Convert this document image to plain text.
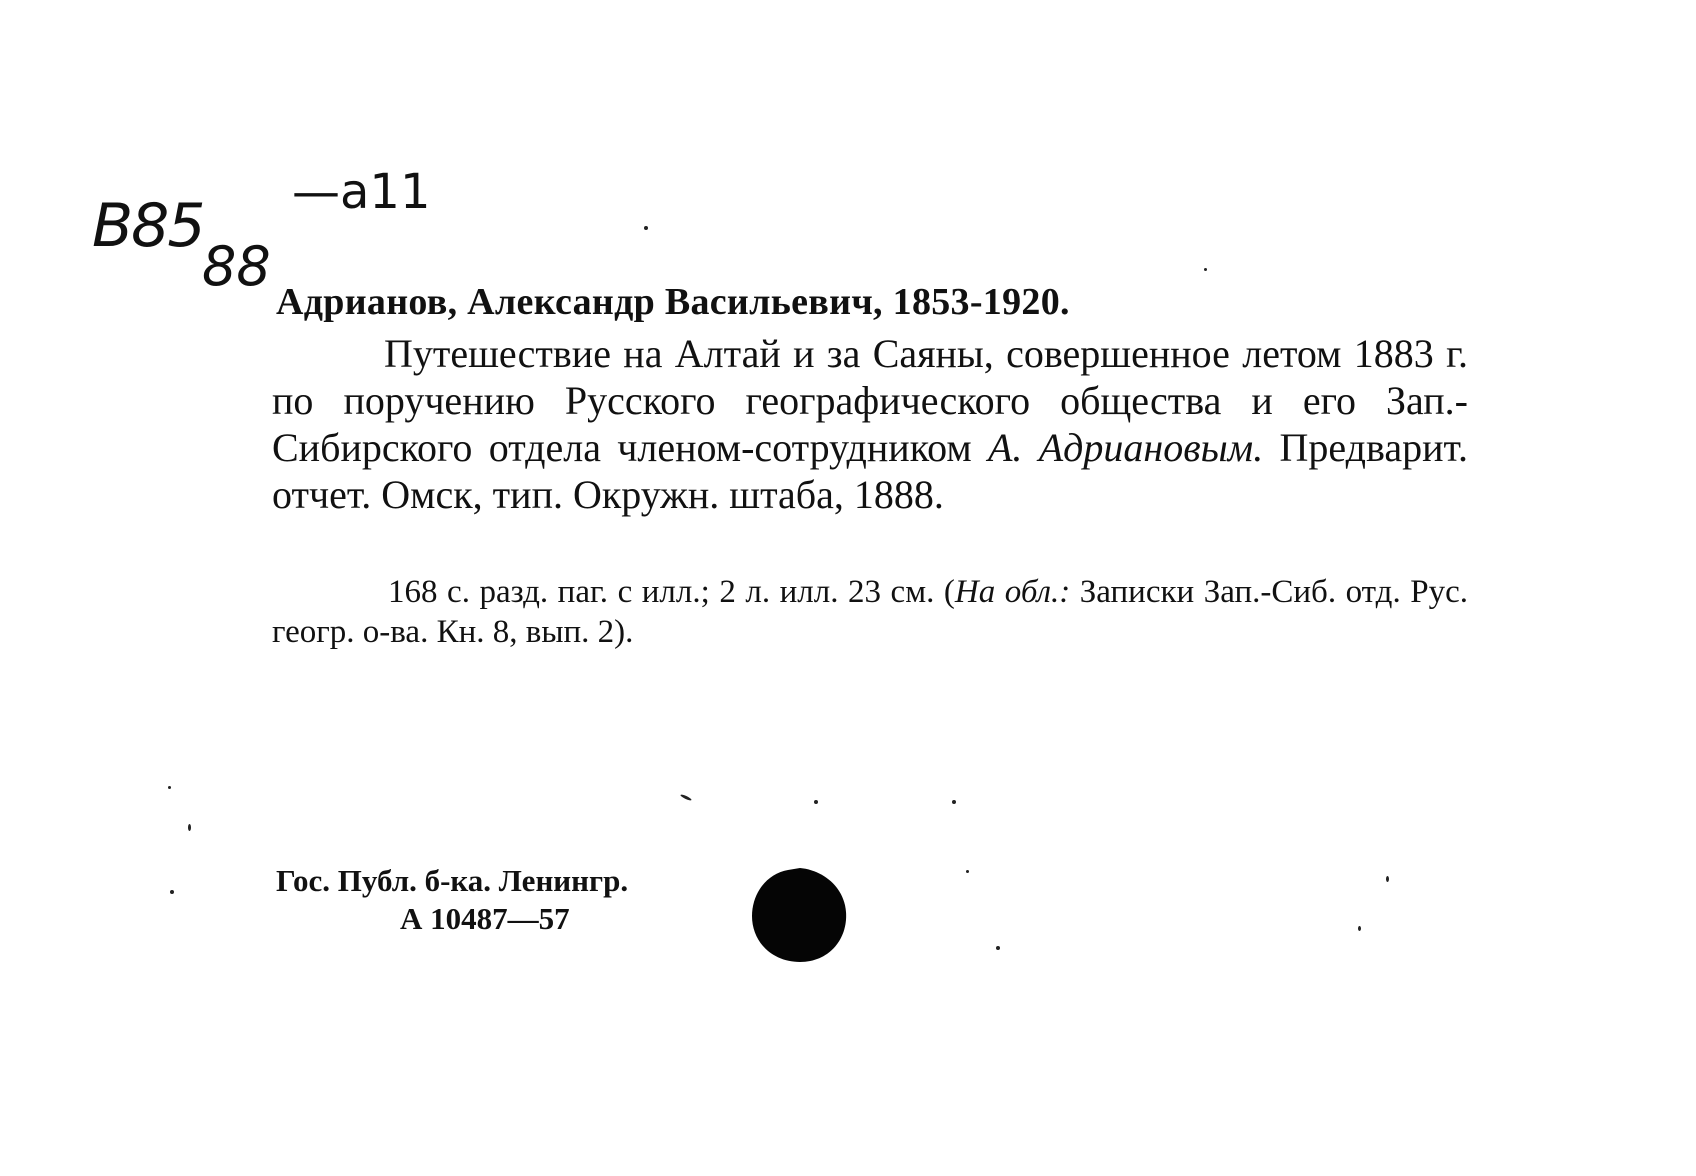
B85 —a11
88
Адрианов, Александр Васильевич, 1853-1920.

Путешествие на Алтай и за Саяны, совершенное летом 1883 г. по поручению Русского географического общества и его Зап.-Сибирского отдела членом-сотрудником А. Адриановым. Предварит. отчет. Омск, тип. Окружн. штаба, 1888.

168 с. разд. паг. с илл.; 2 л. илл. 23 см. (На обл.: Записки Зап.-Сиб. отд. Рус. геогр. о-ва. Кн. 8, вып. 2).

Гос. Публ. б-ка. Ленингр.
А 10487—57
